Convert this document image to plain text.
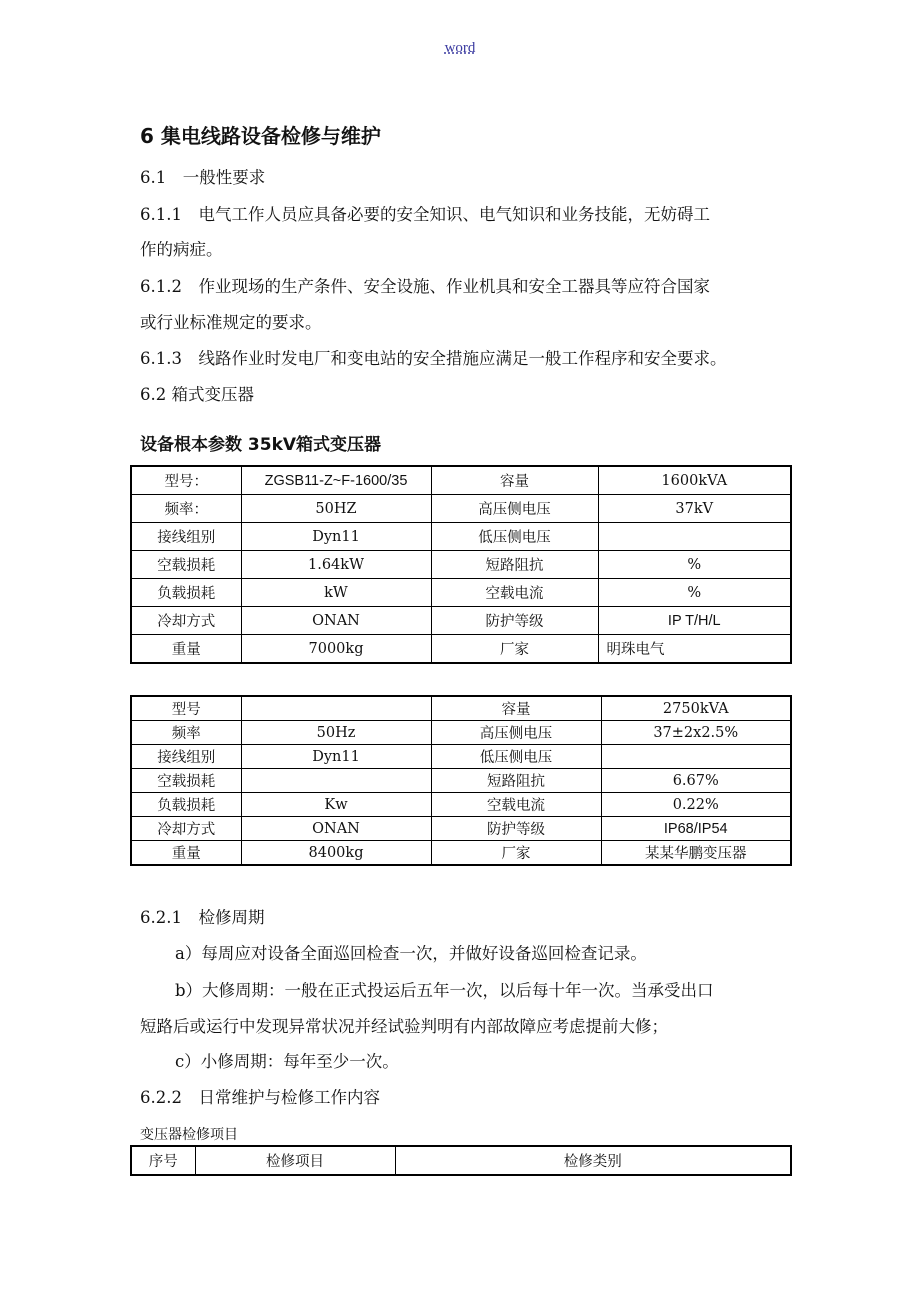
word
6 集电线路设备检修与维护
6.1　一般性要求
6.1.1　电气工作人员应具备必要的安全知识、电气知识和业务技能，无妨碍工
作的病症。
6.1.2　作业现场的生产条件、安全设施、作业机具和安全工器具等应符合国家
或行业标准规定的要求。
6.1.3　线路作业时发电厂和变电站的安全措施应满足一般工作程序和安全要求。
6.2 箱式变压器
设备根本参数 35kV箱式变压器
型号：	ZGSB11-Z~F-1600/35	容量	1600kVA
频率：	50HZ	高压侧电压	37kV
接线组别	Dyn11	低压侧电压	
空载损耗	1.64kW	短路阻抗	%
负载损耗	kW	空载电流	%
冷却方式	ONAN	防护等级	IP T/H/L
重量	7000kg	厂家	明珠电气
型号		容量	2750kVA
频率	50Hz	高压侧电压	37±2x2.5%
接线组别	Dyn11	低压侧电压	
空载损耗		短路阻抗	6.67%
负载损耗	Kw	空载电流	0.22%
冷却方式	ONAN	防护等级	IP68/IP54
重量	8400kg	厂家	某某华鹏变压器
6.2.1　检修周期
a）每周应对设备全面巡回检查一次，并做好设备巡回检查记录。
b）大修周期：一般在正式投运后五年一次，以后每十年一次。当承受出口
短路后或运行中发现异常状况并经试验判明有内部故障应考虑提前大修；
c）小修周期：每年至少一次。
6.2.2　日常维护与检修工作内容
变压器检修项目
序号	检修项目	检修类别
